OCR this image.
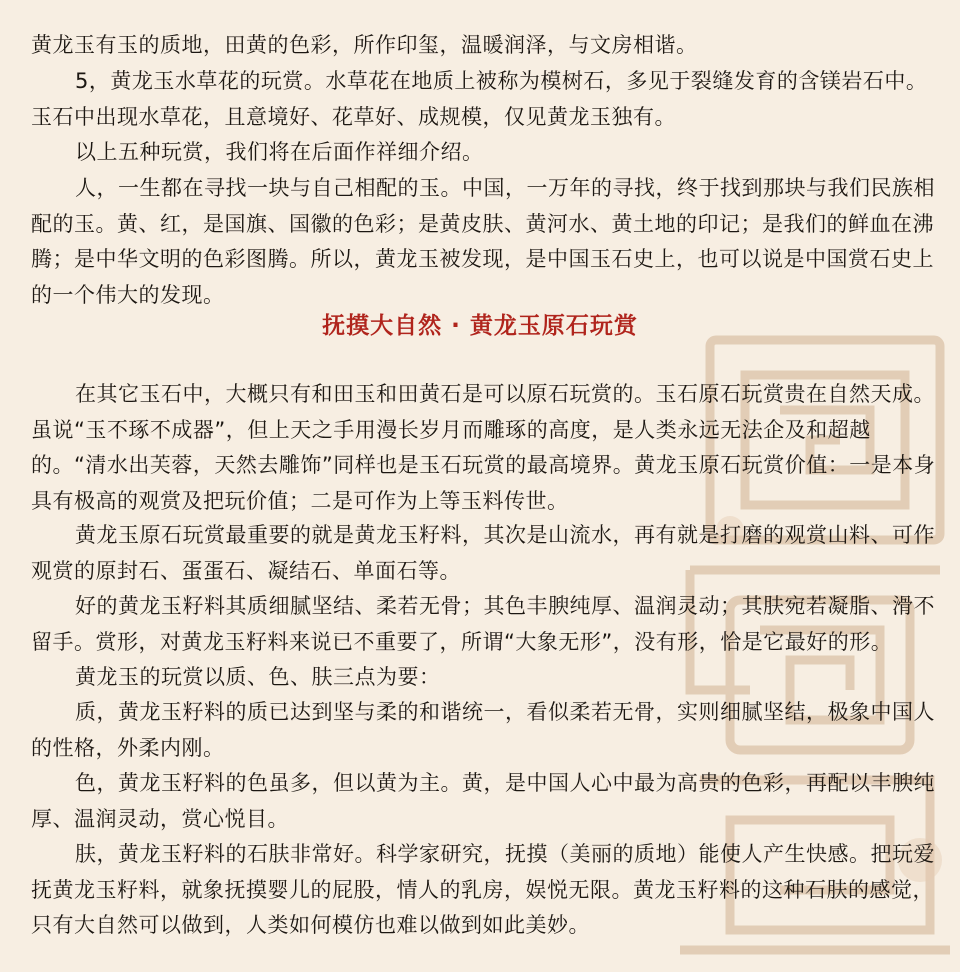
黄龙玉有玉的质地，田黄的色彩，所作印玺，温暖润泽，与文房相谐。

5，黄龙玉水草花的玩赏。水草花在地质上被称为模树石，多见于裂缝发育的含镁岩石中。玉石中出现水草花，且意境好、花草好、成规模，仅见黄龙玉独有。

以上五种玩赏，我们将在后面作祥细介绍。

人，一生都在寻找一块与自己相配的玉。中国，一万年的寻找，终于找到那块与我们民族相配的玉。黄、红，是国旗、国徽的色彩；是黄皮肤、黄河水、黄土地的印记；是我们的鲜血在沸腾；是中华文明的色彩图腾。所以，黄龙玉被发现，是中国玉石史上，也可以说是中国赏石史上的一个伟大的发现。

抚摸大自然 · 黄龙玉原石玩赏

在其它玉石中，大概只有和田玉和田黄石是可以原石玩赏的。玉石原石玩赏贵在自然天成。虽说“玉不琢不成器”，但上天之手用漫长岁月而雕琢的高度，是人类永远无法企及和超越的。“清水出芙蓉，天然去雕饰”同样也是玉石玩赏的最高境界。黄龙玉原石玩赏价值：一是本身具有极高的观赏及把玩价值；二是可作为上等玉料传世。

黄龙玉原石玩赏最重要的就是黄龙玉籽料，其次是山流水，再有就是打磨的观赏山料、可作观赏的原封石、蛋蛋石、凝结石、单面石等。

好的黄龙玉籽料其质细腻坚结、柔若无骨；其色丰腴纯厚、温润灵动；其肤宛若凝脂、滑不留手。赏形，对黄龙玉籽料来说已不重要了，所谓“大象无形”，没有形，恰是它最好的形。

黄龙玉的玩赏以质、色、肤三点为要：

质，黄龙玉籽料的质已达到坚与柔的和谐统一，看似柔若无骨，实则细腻坚结，极象中国人的性格，外柔内刚。

色，黄龙玉籽料的色虽多，但以黄为主。黄，是中国人心中最为高贵的色彩，再配以丰腴纯厚、温润灵动，赏心悦目。

肤，黄龙玉籽料的石肤非常好。科学家研究，抚摸（美丽的质地）能使人产生快感。把玩爱抚黄龙玉籽料，就象抚摸婴儿的屁股，情人的乳房，娱悦无限。黄龙玉籽料的这种石肤的感觉，只有大自然可以做到，人类如何模仿也难以做到如此美妙。
